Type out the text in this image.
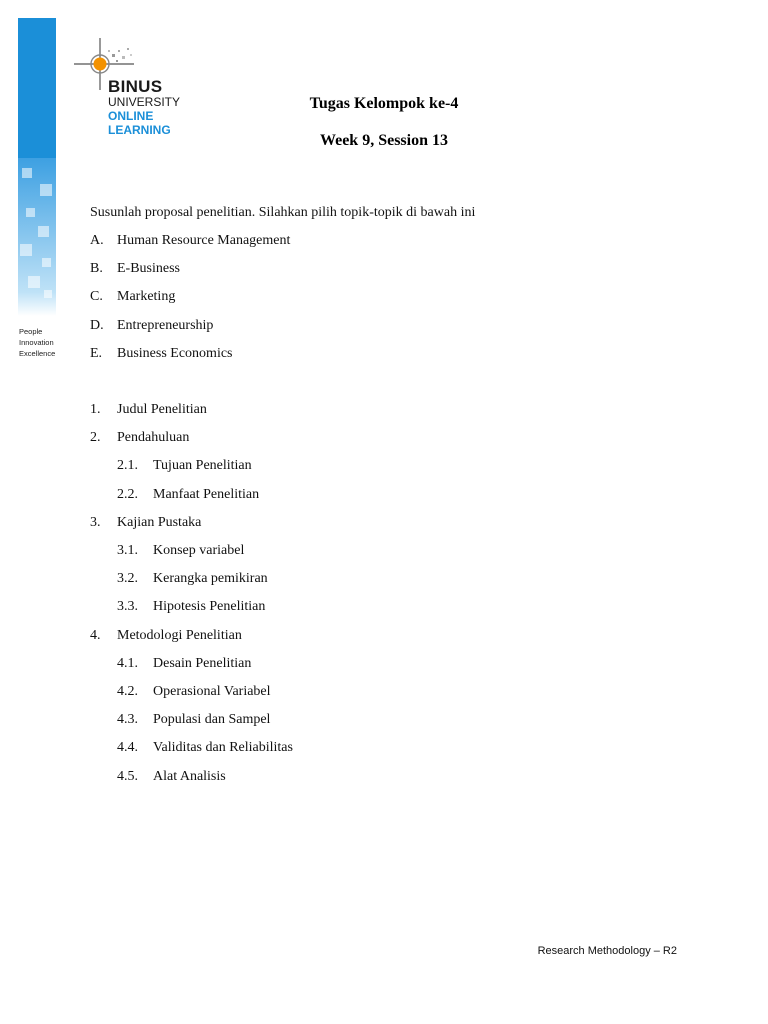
People
Innovation
Excellence
BINUS
UNIVERSITY
ONLINE
LEARNING
Tugas Kelompok ke-4
Week 9, Session 13
Susunlah proposal penelitian. Silahkan pilih topik-topik di bawah ini
A. Human Resource Management
B. E-Business
C. Marketing
D. Entrepreneurship
E. Business Economics
1. Judul Penelitian
2. Pendahuluan
2.1. Tujuan Penelitian
2.2. Manfaat Penelitian
3. Kajian Pustaka
3.1. Konsep variabel
3.2. Kerangka pemikiran
3.3. Hipotesis Penelitian
4. Metodologi Penelitian
4.1. Desain Penelitian
4.2. Operasional Variabel
4.3. Populasi dan Sampel
4.4. Validitas dan Reliabilitas
4.5. Alat Analisis
Research Methodology – R2
